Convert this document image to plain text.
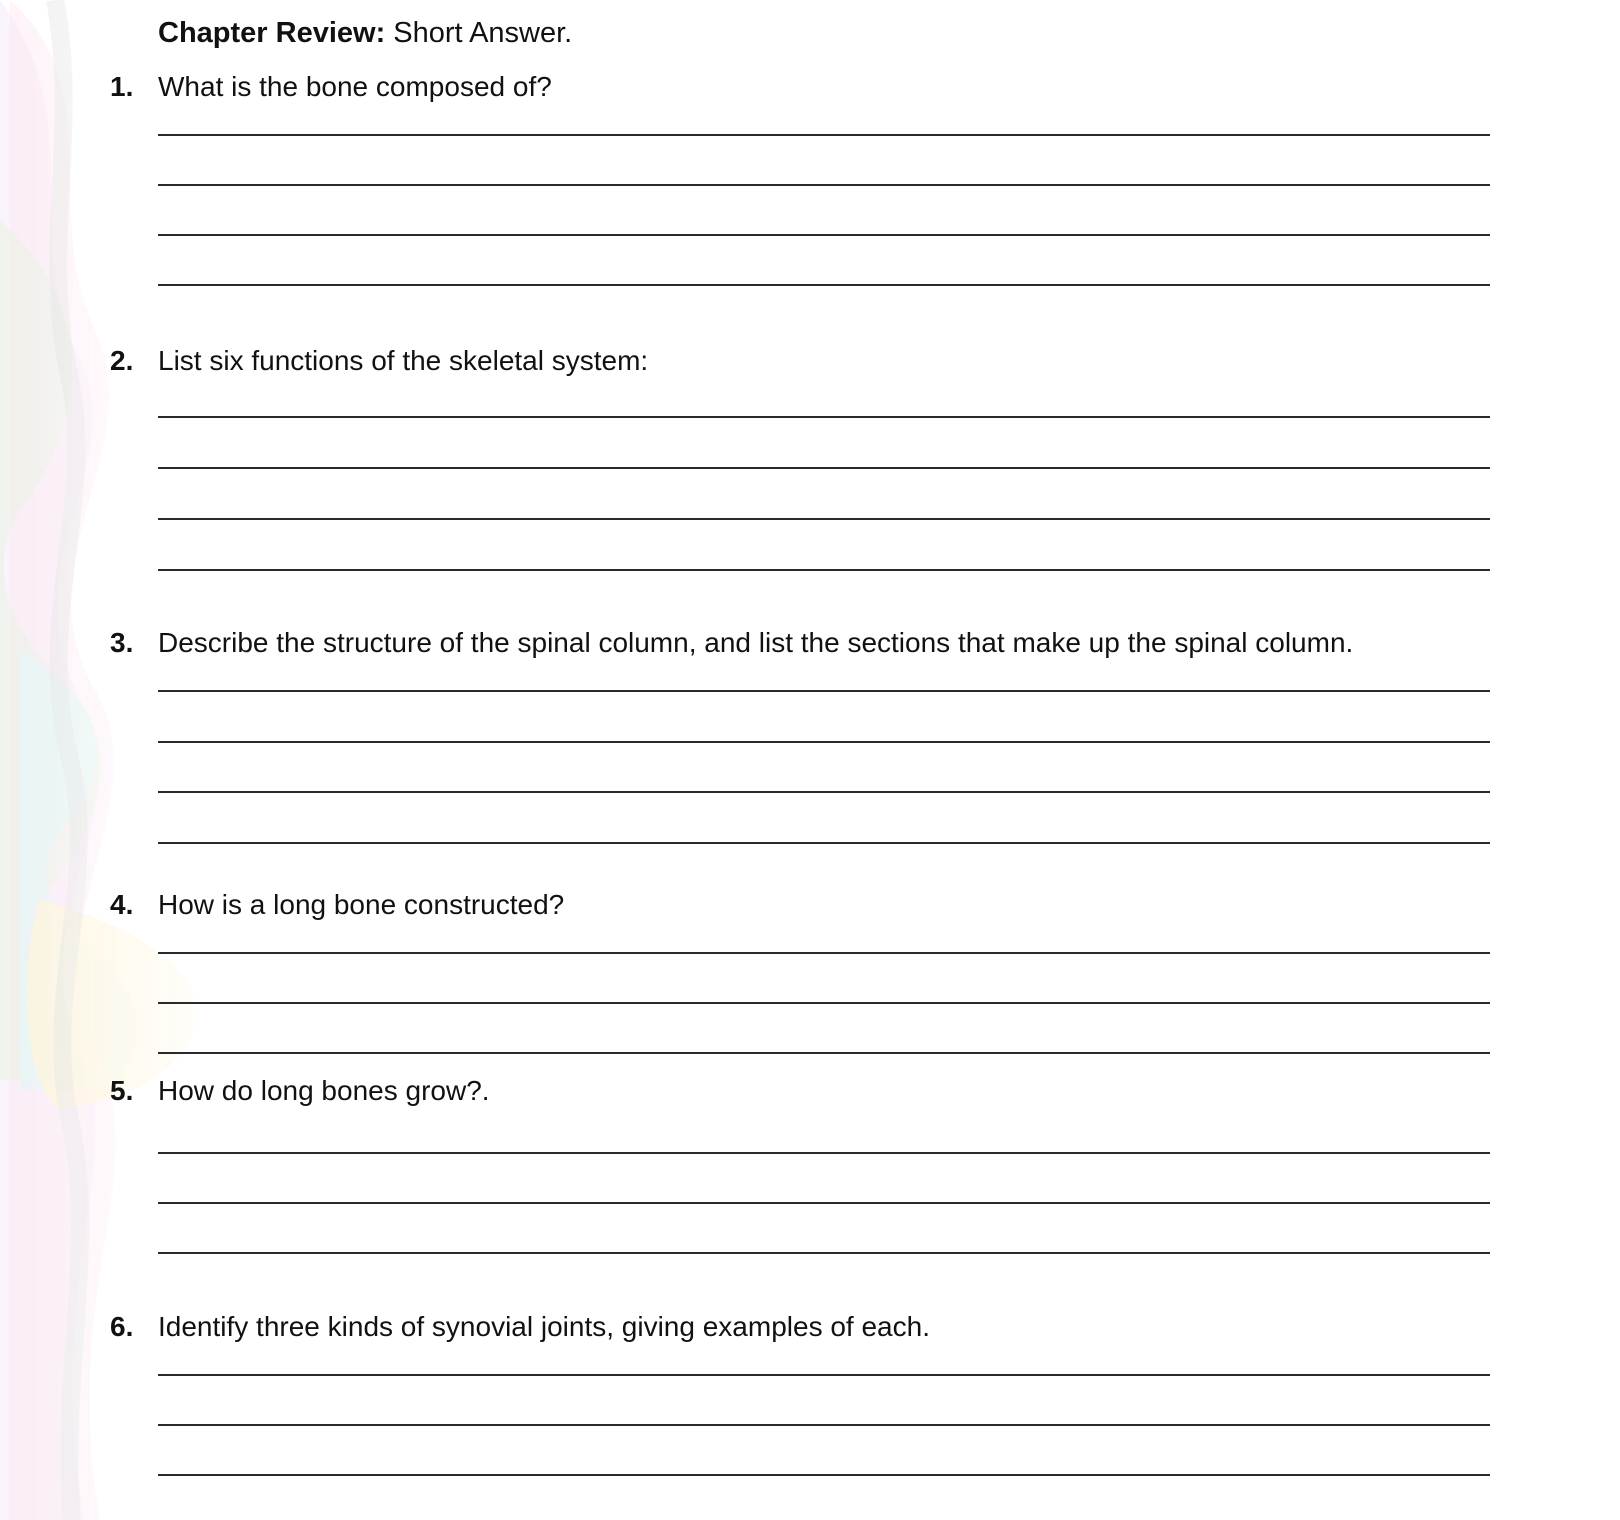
Chapter Review: Short Answer.
1. What is the bone composed of?
2. List six functions of the skeletal system:
3. Describe the structure of the spinal column, and list the sections that make up the spinal column.
4. How is a long bone constructed?
5. How do long bones grow?.
6. Identify three kinds of synovial joints, giving examples of each.
